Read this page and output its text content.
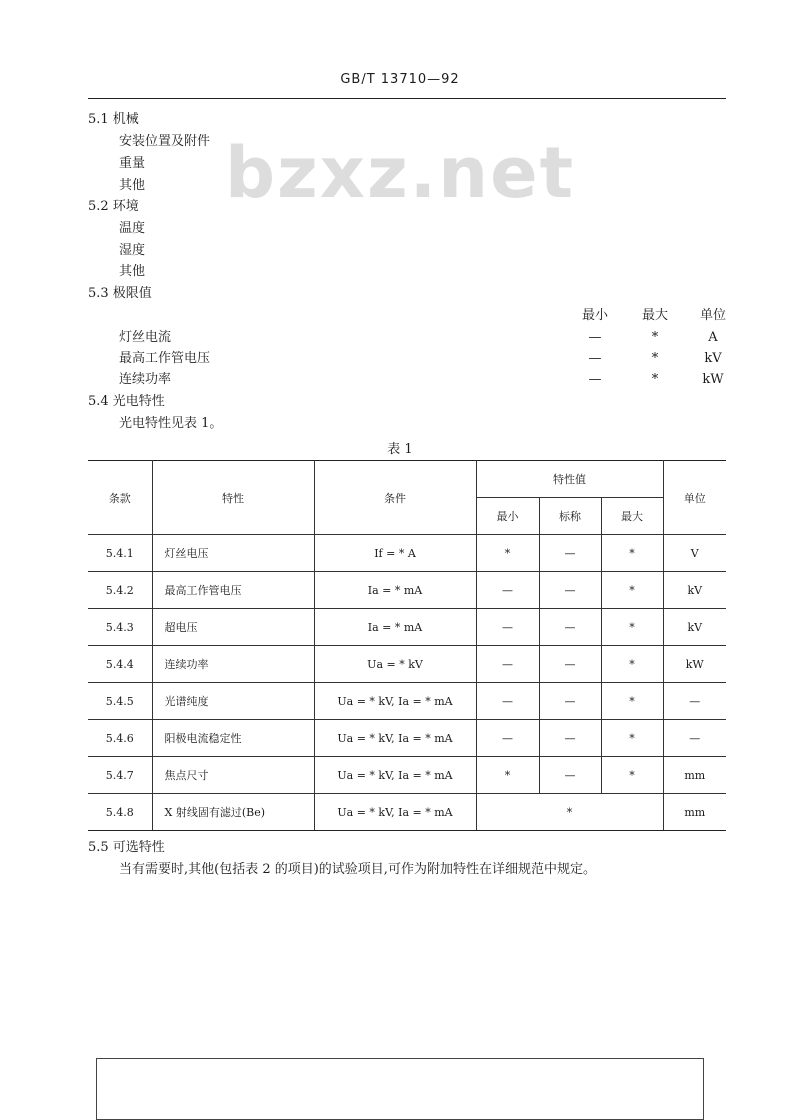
GB/T 13710—92
bzxz.net
5.1 机械
安装位置及附件
重量
其他
5.2 环境
温度
湿度
其他
5.3 极限值
最小	最大	单位
灯丝电流	—	*	A
最高工作管电压	—	*	kV
连续功率	—	*	kW
5.4 光电特性
光电特性见表 1。
表 1
条款	特性	条件	特性值			单位
			最小	标称	最大	
5.4.1	灯丝电压	If = * A	*	—	*	V
5.4.2	最高工作管电压	Ia = * mA	—	—	*	kV
5.4.3	超电压	Ia = * mA	—	—	*	kV
5.4.4	连续功率	Ua = * kV	—	—	*	kW
5.4.5	光谱纯度	Ua = * kV, Ia = * mA	—	—	*	—
5.4.6	阳极电流稳定性	Ua = * kV, Ia = * mA	—	—	*	—
5.4.7	焦点尺寸	Ua = * kV, Ia = * mA	*	—	*	mm
5.4.8	X 射线固有滤过(Be)	Ua = * kV, Ia = * mA	*			mm
5.5 可选特性
当有需要时,其他(包括表 2 的项目)的试验项目,可作为附加特性在详细规范中规定。
